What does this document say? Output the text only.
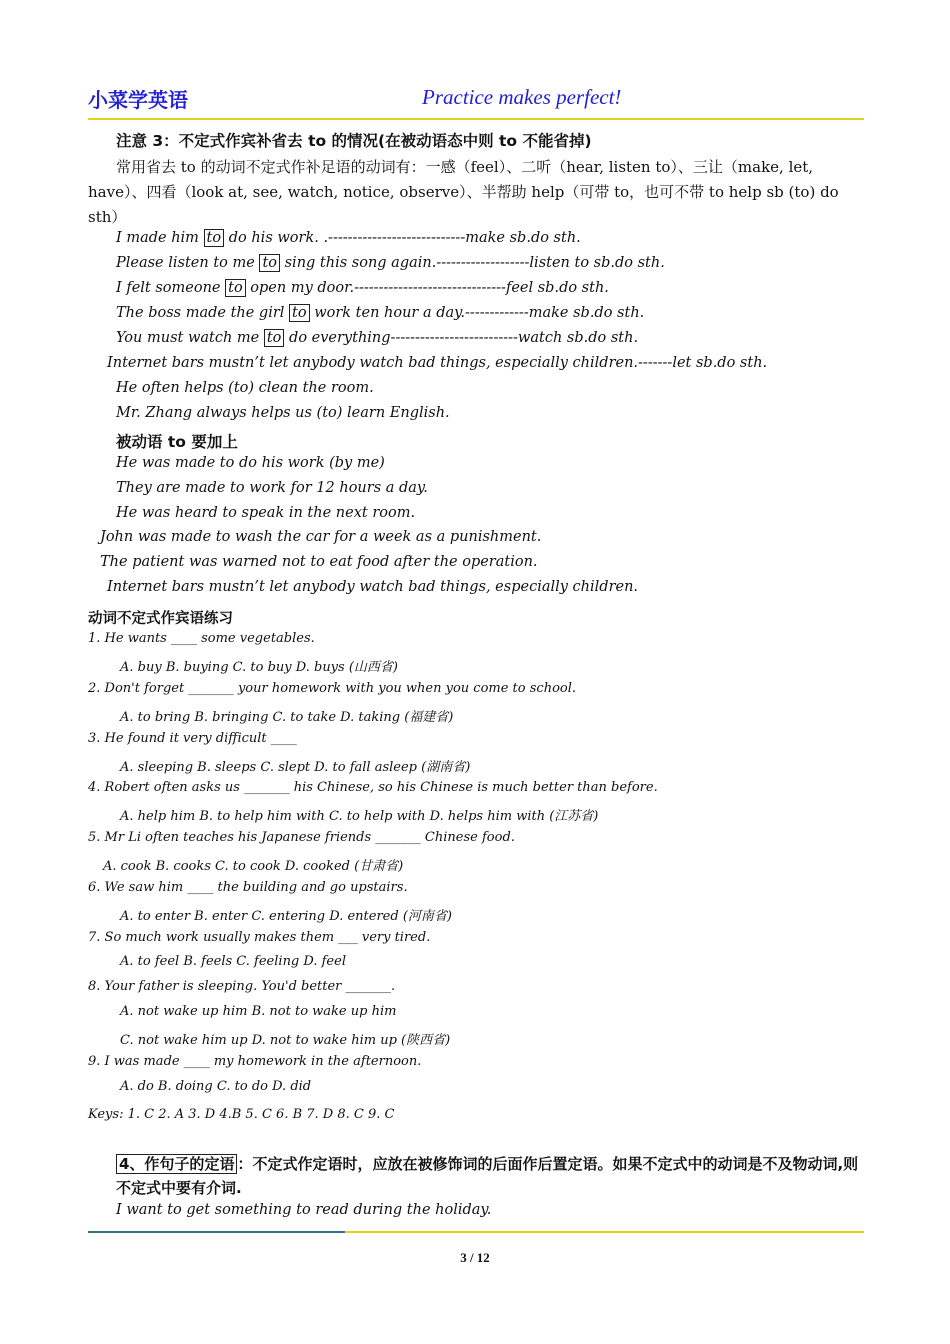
小菜学英语	Practice makes perfect!
注意 3：不定式作宾补省去 to 的情况(在被动语态中则 to 不能省掉)
常用省去 to 的动词不定式作补足语的动词有：一感（feel）、二听（hear, listen to）、三让（make, let, have）、四看（look at, see, watch, notice, observe）、半帮助 help（可带 to，也可不带 to help sb (to) do sth）
I made him to do his work. .----------------------------make sb.do sth.
Please listen to me to sing this song again.-------------------listen to sb.do sth.
I felt someone to open my door.-------------------------------feel sb.do sth.
The boss made the girl to work ten hour a day.-------------make sb.do sth.
You must watch me to do everything--------------------------watch sb.do sth.
Internet bars mustn’t let anybody watch bad things, especially children.-------let sb.do sth.
He often helps (to) clean the room.
Mr. Zhang always helps us (to) learn English.
被动语 to 要加上
He was made to do his work (by me)
They are made to work for 12 hours a day.
He was heard to speak in the next room.
John was made to wash the car for a week as a punishment.
The patient was warned not to eat food after the operation.
Internet bars mustn’t let anybody watch bad things, especially children.
动词不定式作宾语练习
1. He wants ____ some vegetables.
A. buy B. buying C. to buy D. buys (山西省)
2. Don't forget _______ your homework with you when you come to school.
A. to bring B. bringing C. to take D. taking (福建省)
3. He found it very difficult ____
A. sleeping B. sleeps C. slept D. to fall asleep (湖南省)
4. Robert often asks us _______ his Chinese, so his Chinese is much better than before.
A. help him B. to help him with C. to help with D. helps him with (江苏省)
5. Mr Li often teaches his Japanese friends _______ Chinese food.
A. cook B. cooks C. to cook D. cooked (甘肃省)
6. We saw him ____ the building and go upstairs.
A. to enter B. enter C. entering D. entered (河南省)
7. So much work usually makes them ___ very tired.
A. to feel B. feels C. feeling D. feel
8. Your father is sleeping. You'd better _______.
A. not wake up him B. not to wake up him
C. not wake him up D. not to wake him up (陕西省)
9. I was made ____ my homework in the afternoon.
A. do B. doing C. to do D. did
Keys: 1. C 2. A 3. D 4.B 5. C 6. B 7. D 8. C 9. C
4、作句子的定语 ：不定式作定语时，应放在被修饰词的后面作后置定语。如果不定式中的动词是不及物动词,则不定式中要有介词.
I want to get something to read during the holiday.
3 / 12
